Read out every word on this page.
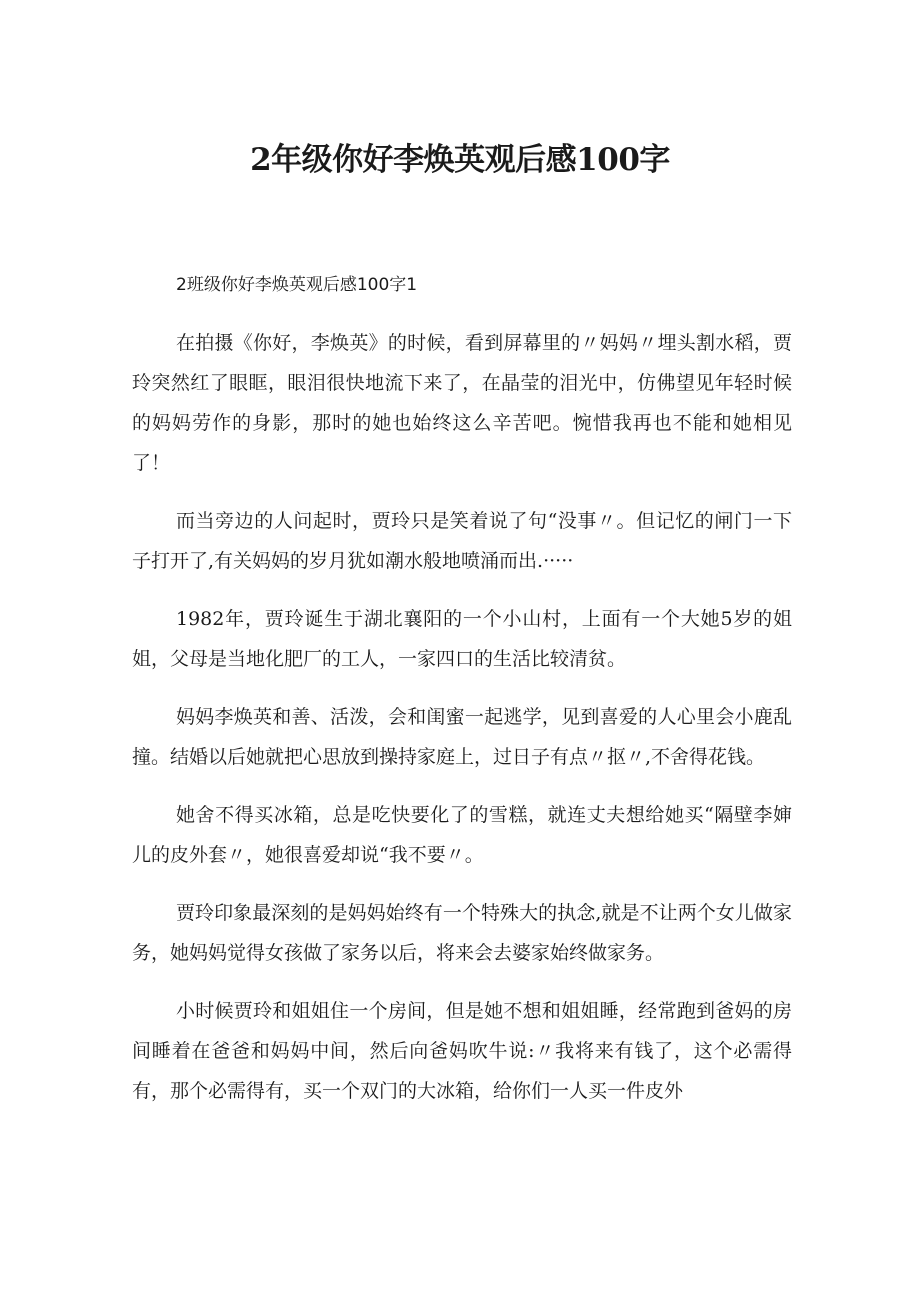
2年级你好李焕英观后感100字

2班级你好李焕英观后感100字1

在拍摄《你好，李焕英》的时候，看到屏幕里的〃妈妈〃埋头割水稻，贾玲突然红了眼眶，眼泪很快地流下来了，在晶莹的泪光中，仿佛望见年轻时候的妈妈劳作的身影，那时的她也始终这么辛苦吧。惋惜我再也不能和她相见了！

而当旁边的人问起时，贾玲只是笑着说了句“没事〃。但记忆的闸门一下子打开了,有关妈妈的岁月犹如潮水般地喷涌而出.·····

1982年，贾玲诞生于湖北襄阳的一个小山村，上面有一个大她5岁的姐姐，父母是当地化肥厂的工人，一家四口的生活比较清贫。

妈妈李焕英和善、活泼，会和闺蜜一起逃学，见到喜爱的人心里会小鹿乱撞。结婚以后她就把心思放到操持家庭上，过日子有点〃抠〃,不舍得花钱。

她舍不得买冰箱，总是吃快要化了的雪糕，就连丈夫想给她买“隔壁李婶儿的皮外套〃，她很喜爱却说“我不要〃。

贾玲印象最深刻的是妈妈始终有一个特殊大的执念,就是不让两个女儿做家务，她妈妈觉得女孩做了家务以后，将来会去婆家始终做家务。

小时候贾玲和姐姐住一个房间，但是她不想和姐姐睡，经常跑到爸妈的房间睡着在爸爸和妈妈中间，然后向爸妈吹牛说:〃我将来有钱了，这个必需得有，那个必需得有，买一个双门的大冰箱，给你们一人买一件皮外
